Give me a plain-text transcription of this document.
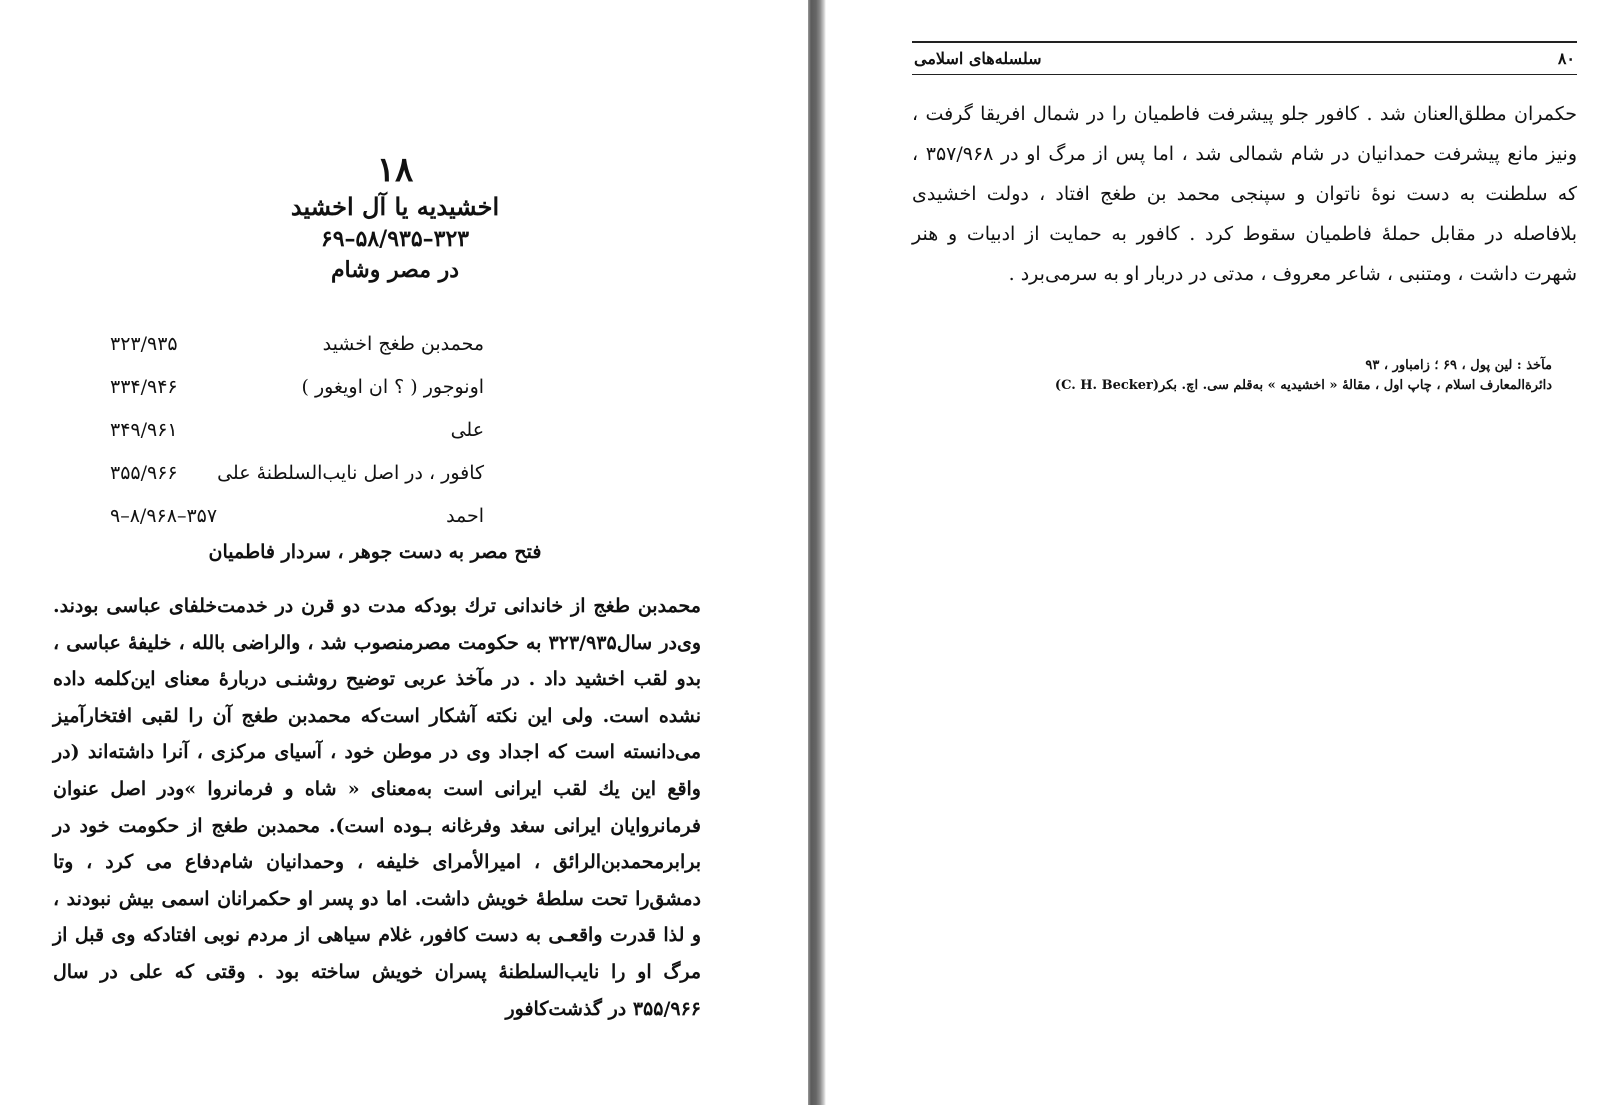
۱۸
اخشیدیه یا آل اخشید
۳۲۳–۵۸/۹۳۵–۶۹
در مصر وشام
محمدبن طغج اخشید	۳۲۳/۹۳۵
اونوجور ( ؟ ان اویغور )	۳۳۴/۹۴۶
علی	۳۴۹/۹۶۱
کافور ، در اصل نایب‌السلطنهٔ علی	۳۵۵/۹۶۶
احمد	۳۵۷–۸/۹۶۸–۹
فتح مصر به دست جوهر ، سردار فاطمیان

محمدبن طغج از خاندانی ترك بودكه مدت دو قرن در خدمت‌خلفای عباسی بودند. وی‌در سال۳۲۳/۹۳۵ به حکومت مصرمنصوب شد ، والراضی بالله ، خلیفهٔ عباسی ، بدو لقب اخشید داد . در مآخذ عربی توضیح روشنـی دربارهٔ معنای این‌کلمه داده نشده است. ولی این نکته آشکار است‌که محمدبن طغج آن را لقبی افتخارآمیز می‌دانسته است که اجداد وی در موطن خود ، آسیای مرکزی ، آنرا داشته‌اند (در واقع این یك لقب ایرانی است به‌معنای « شاه و فرمانروا »ودر اصل عنوان فرمانروایان ایرانی سغد وفرغانه بـوده است). محمدبن طغج از حکومت خود در برابرمحمدبن‌الرائق ، امیرالأمرای خلیفه ، وحمدانیان شام‌دفاع می کرد ، وتا دمشق‌را تحت سلطهٔ خویش داشت. اما دو پسر او حکمرانان اسمی بیش نبودند ، و لذا قدرت واقعـی به دست کافور، غلام سیاهی از مردم نوبی افتادکه وی قبل از مرگ او را نایب‌السلطنهٔ پسران خویش ساخته بود . وقتی که علی در سال ۳۵۵/۹۶۶ در گذشت‌کافور

۸۰
سلسله‌های اسلامی

حکمران مطلق‌العنان شد . کافور جلو پیشرفت فاطمیان را در شمال افریقا گرفت ، ونیز مانع پیشرفت حمدانیان در شام شمالی شد ، اما پس از مرگ او در ۳۵۷/۹۶۸ ، که سلطنت به دست نوهٔ ناتوان و سپنجی محمد بن طغج افتاد ، دولت اخشیدی بلافاصله در مقابل حملهٔ فاطمیان سقوط کرد . کافور به حمایت از ادبیات و هنر شهرت داشت ، ومتنبی ، شاعر معروف ، مدتی در دربار او به سرمی‌برد .

مآخذ : لین پول ، ۶۹ ؛ زامباور ، ۹۳
دائرةالمعارف اسلام ، چاپ اول ، مقالهٔ « اخشیدیه » به‌قلم سی. اچ. بکر(C. H. Becker)
